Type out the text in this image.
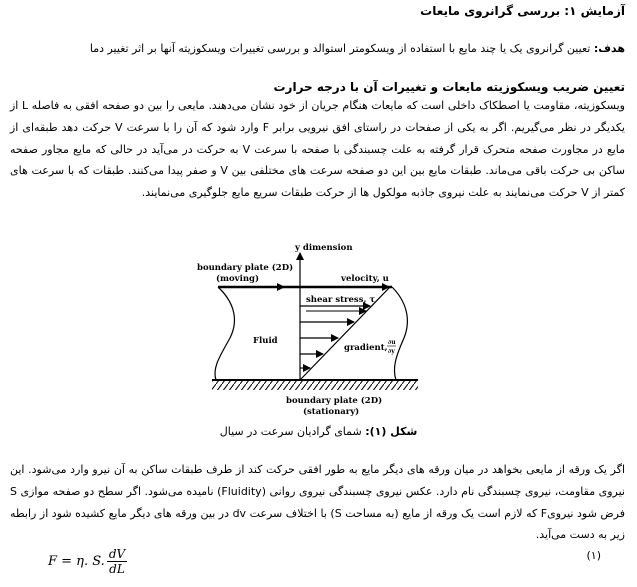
آزمایش ۱: بررسی گرانروی مایعات
هدف: تعیین گرانروی یک یا چند مایع با استفاده از ویسکومتر استوالد و بررسی تغییرات ویسکوزیته آنها بر اثر تغییر دما
تعیین ضریب ویسکوزیته مایعات و تغییرات آن با درجه حرارت
ویسکوزیته، مقاومت یا اصطکاک داخلی است که مایعات هنگام جریان از خود نشان می‌دهند. مایعی را بین دو صفحه افقی به فاصله L از یکدیگر در نظر می‌گیریم. اگر به یکی از صفحات در راستای افق نیرویی برابر F وارد شود که آن را با سرعت V حرکت دهد طبقه‌ای از مایع در مجاورت صفحه متحرک قرار گرفته به علت چسبندگی با صفحه با سرعت V به حرکت در می‌آید در حالی که مایع مجاور صفحه ساکن بی حرکت باقی می‌ماند. طبقات مایع بین این دو صفحه سرعت های مختلفی بین V و صفر پیدا می‌کنند. طبقات که با سرعت های کمتر از V حرکت می‌نمایند به علت نیروی جاذبه مولکول ها از حرکت طبقات سریع مایع جلوگیری می‌نمایند.
y dimension
boundary plate (2D)
(moving)	velocity, u
shear stress, τ
Fluid
gradient,
∂u
∂y
boundary plate (2D)
(stationary)
شکل (۱): شمای گرادیان سرعت در سیال
اگر یک ورقه از مایعی بخواهد در میان ورقه های دیگر مایع به طور افقی حرکت کند از طرف طبقات ساکن به آن نیرو وارد می‌شود. این نیروی مقاومت، نیروی چسبندگی نام دارد. عکس نیروی چسبندگی نیروی روانی (Fluidity) نامیده می‌شود. اگر سطح دو صفحه موازی S فرض شود نیرویF که لازم است یک ورقه از مایع (به مساحت S) با اختلاف سرعت dv در بین ورقه های دیگر مایع کشیده شود از رابطه زیر به دست می‌آید.
F = η. S. $\frac{dV}{dL}$	(۱)
